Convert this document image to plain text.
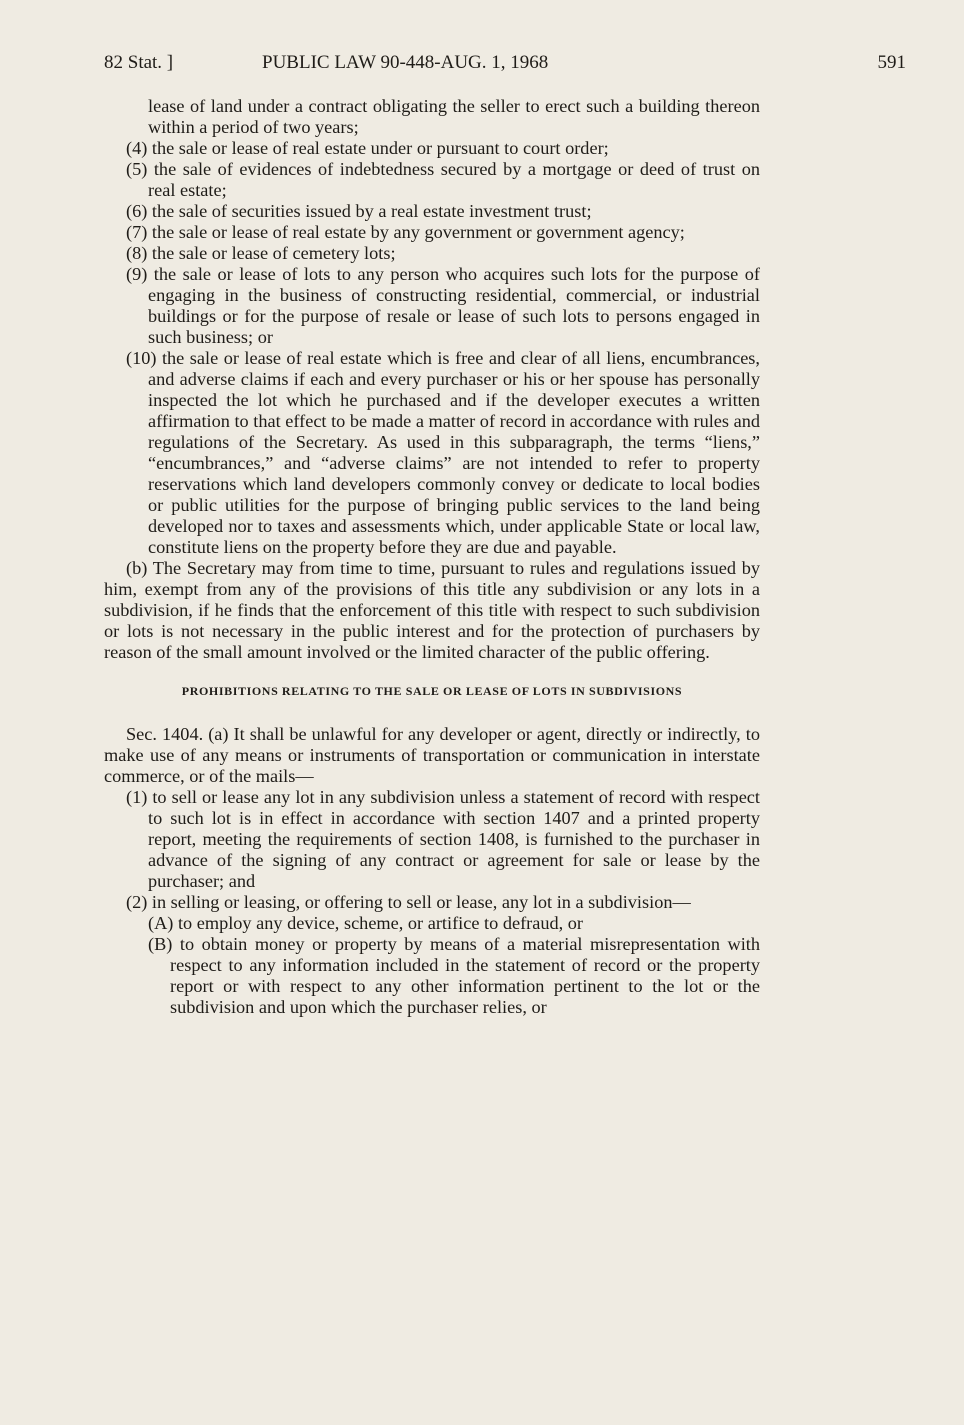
82 Stat. ]	PUBLIC LAW 90-448-AUG. 1, 1968	591

lease of land under a contract obligating the seller to erect such a building thereon within a period of two years;

(4) the sale or lease of real estate under or pursuant to court order;

(5) the sale of evidences of indebtedness secured by a mortgage or deed of trust on real estate;

(6) the sale of securities issued by a real estate investment trust;

(7) the sale or lease of real estate by any government or government agency;

(8) the sale or lease of cemetery lots;

(9) the sale or lease of lots to any person who acquires such lots for the purpose of engaging in the business of constructing residential, commercial, or industrial buildings or for the purpose of resale or lease of such lots to persons engaged in such business; or

(10) the sale or lease of real estate which is free and clear of all liens, encumbrances, and adverse claims if each and every purchaser or his or her spouse has personally inspected the lot which he purchased and if the developer executes a written affirmation to that effect to be made a matter of record in accordance with rules and regulations of the Secretary. As used in this subparagraph, the terms “liens,” “encumbrances,” and “adverse claims” are not intended to refer to property reservations which land developers commonly convey or dedicate to local bodies or public utilities for the purpose of bringing public services to the land being developed nor to taxes and assessments which, under applicable State or local law, constitute liens on the property before they are due and payable.

(b) The Secretary may from time to time, pursuant to rules and regulations issued by him, exempt from any of the provisions of this title any subdivision or any lots in a subdivision, if he finds that the enforcement of this title with respect to such subdivision or lots is not necessary in the public interest and for the protection of purchasers by reason of the small amount involved or the limited character of the public offering.

PROHIBITIONS RELATING TO THE SALE OR LEASE OF LOTS IN SUBDIVISIONS

Sec. 1404. (a) It shall be unlawful for any developer or agent, directly or indirectly, to make use of any means or instruments of transportation or communication in interstate commerce, or of the mails—

(1) to sell or lease any lot in any subdivision unless a statement of record with respect to such lot is in effect in accordance with section 1407 and a printed property report, meeting the requirements of section 1408, is furnished to the purchaser in advance of the signing of any contract or agreement for sale or lease by the purchaser; and

(2) in selling or leasing, or offering to sell or lease, any lot in a subdivision—

(A) to employ any device, scheme, or artifice to defraud, or

(B) to obtain money or property by means of a material misrepresentation with respect to any information included in the statement of record or the property report or with respect to any other information pertinent to the lot or the subdivision and upon which the purchaser relies, or
